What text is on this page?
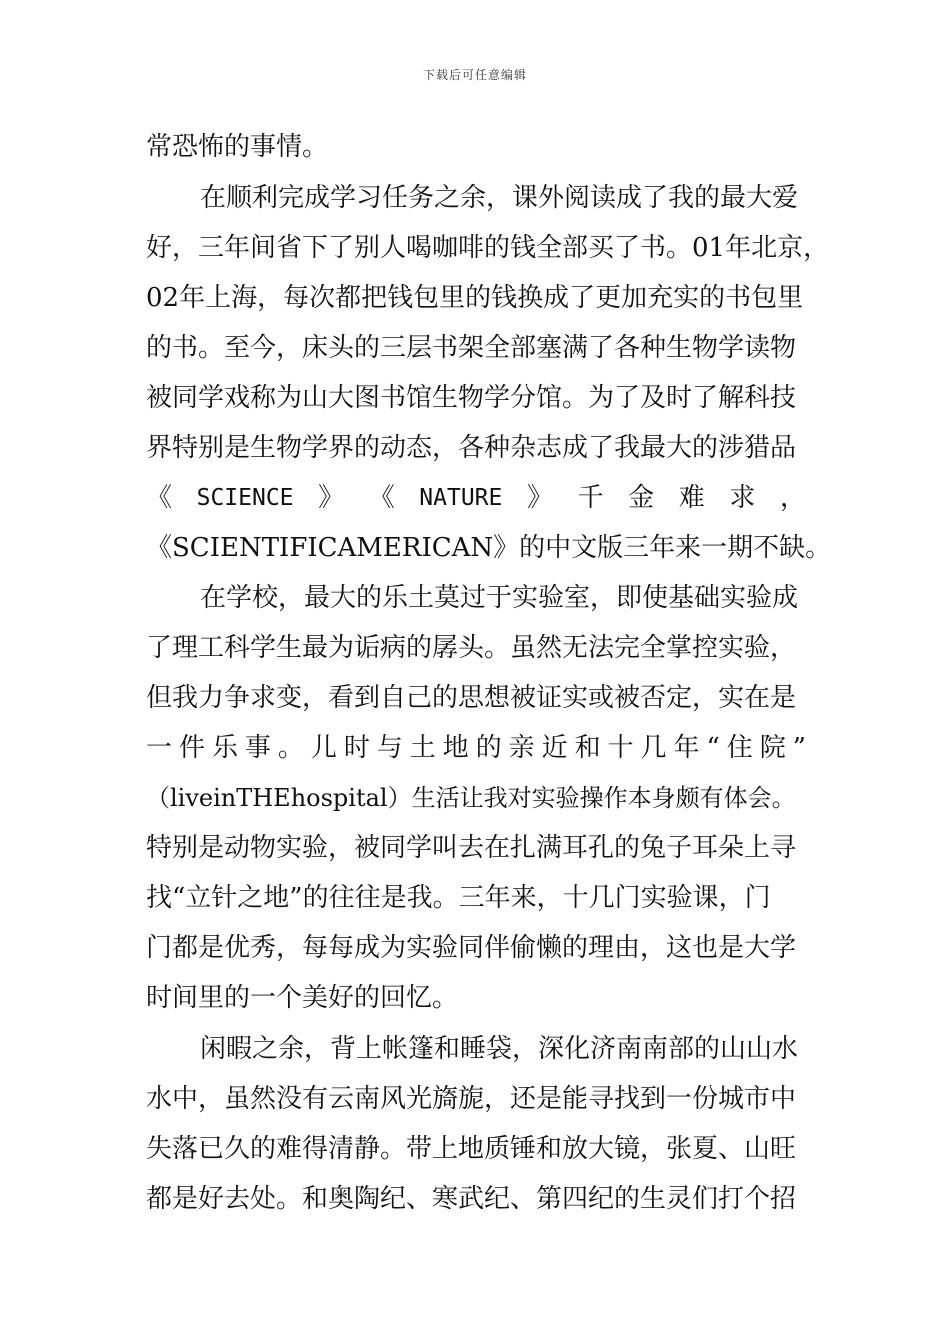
下载后可任意编辑
常恐怖的事情。
在顺利完成学习任务之余，课外阅读成了我的最大爱
好，三年间省下了别人喝咖啡的钱全部买了书。01年北京，
02年上海，每次都把钱包里的钱换成了更加充实的书包里
的书。至今，床头的三层书架全部塞满了各种生物学读物
被同学戏称为山大图书馆生物学分馆。为了及时了解科技
界特别是生物学界的动态，各种杂志成了我最大的涉猎品
《 SCIENCE 》 《 NATURE 》 千 金 难 求 ，
《SCIENTIFICAMERICAN》的中文版三年来一期不缺。
在学校，最大的乐土莫过于实验室，即使基础实验成
了理工科学生最为诟病的孱头。虽然无法完全掌控实验，
但我力争求变，看到自己的思想被证实或被否定，实在是
一 件 乐 事 。 儿 时 与 土 地 的 亲 近 和 十 几 年 “ 住 院 ”
（liveinTHEhospital）生活让我对实验操作本身颇有体会。
特别是动物实验，被同学叫去在扎满耳孔的兔子耳朵上寻
找“立针之地”的往往是我。三年来，十几门实验课，门
门都是优秀，每每成为实验同伴偷懒的理由，这也是大学
时间里的一个美好的回忆。
闲暇之余，背上帐篷和睡袋，深化济南南部的山山水
水中，虽然没有云南风光旖旎，还是能寻找到一份城市中
失落已久的难得清静。带上地质锤和放大镜，张夏、山旺
都是好去处。和奥陶纪、寒武纪、第四纪的生灵们打个招
